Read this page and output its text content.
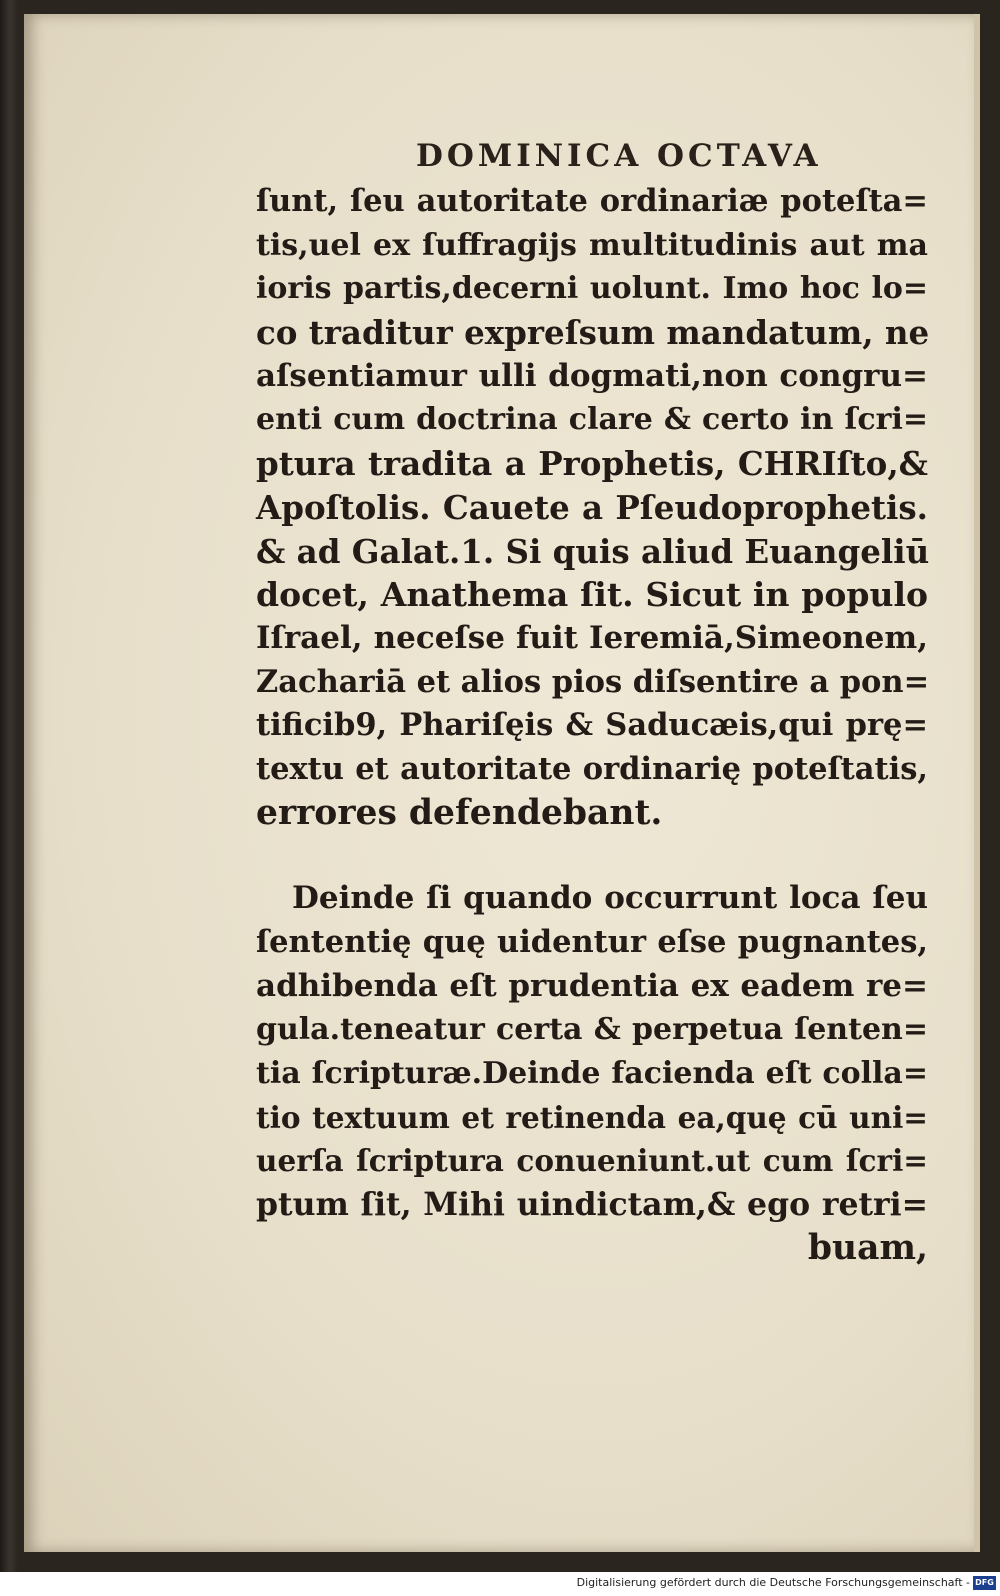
DOMINICA OCTAVA
ſunt, ſeu autoritate ordinariæ poteſta=
tis,uel ex ſuffragijs multitudinis aut ma
ioris partis,decerni uolunt. Imo hoc lo=
co traditur expreſsum mandatum, ne
aſsentiamur ulli dogmati,non congru=
enti cum doctrina clare & certo in ſcri=
ptura tradita a Prophetis, CHRIſto,&
Apoſtolis. Cauete a Pſeudoprophetis.
& ad Galat.1. Si quis aliud Euangeliū
docet, Anathema ſit. Sicut in populo
Iſrael, neceſse fuit Ieremiā,Simeonem,
Zachariā et alios pios diſsentire a pon=
tificib9, Phariſęis & Saducæis,qui prę=
textu et autoritate ordinarię poteſtatis,
errores defendebant.
Deinde ſi quando occurrunt loca ſeu
ſententię quę uidentur eſse pugnantes,
adhibenda eſt prudentia ex eadem re=
gula.teneatur certa & perpetua ſenten=
tia ſcripturæ.Deinde facienda eſt colla=
tio textuum et retinenda ea,quę cū uni=
uerſa ſcriptura conueniunt.ut cum ſcri=
ptum ſit, Mihi uindictam,& ego retri=
buam,
Digitalisierung gefördert durch die Deutsche Forschungsgemeinschaft - DFG
